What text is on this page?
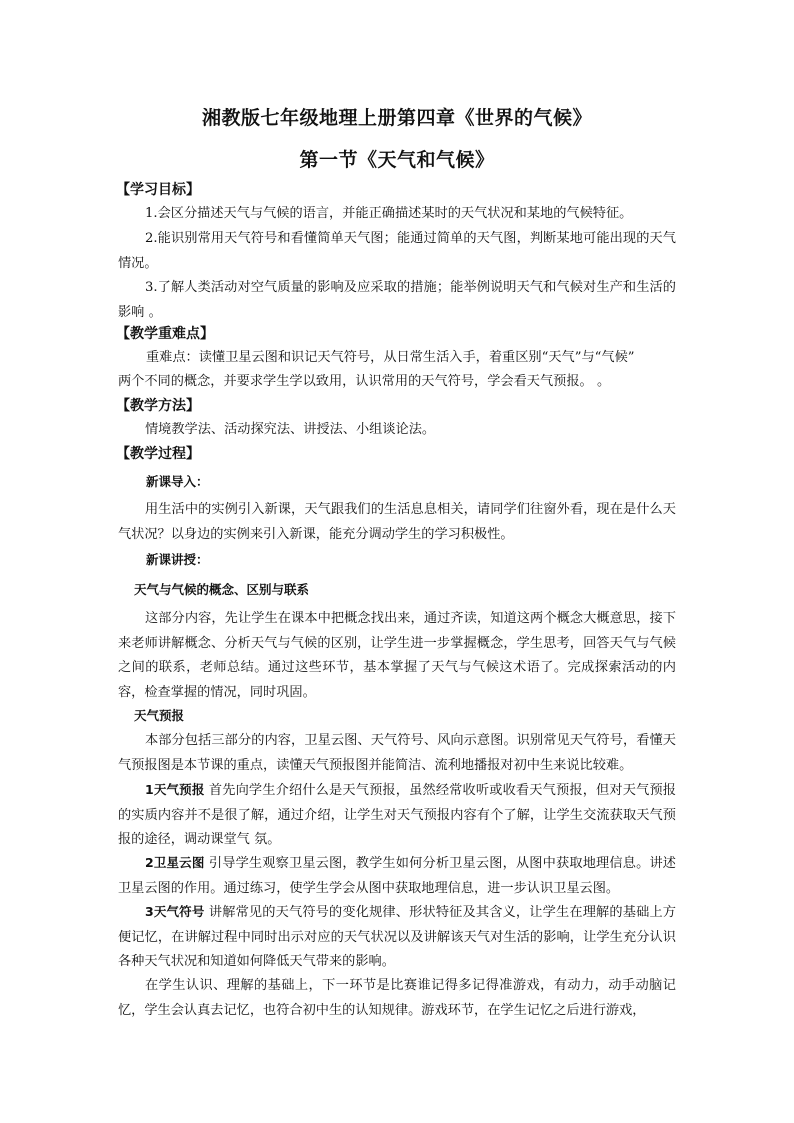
湘教版七年级地理上册第四章《世界的气候》
第一节《天气和气候》
【学习目标】
1.会区分描述天气与气候的语言，并能正确描述某时的天气状况和某地的气候特征。
2.能识别常用天气符号和看懂简单天气图；能通过简单的天气图，判断某地可能出现的天气情况。
3.了解人类活动对空气质量的影响及应采取的措施；能举例说明天气和气候对生产和生活的影响 。
【教学重难点】
重难点：读懂卫星云图和识记天气符号，从日常生活入手，着重区别“天气”与“气候”
两个不同的概念，并要求学生学以致用，认识常用的天气符号，学会看天气预报。 。
【教学方法】
情境教学法、活动探究法、讲授法、小组谈论法。
【教学过程】
新课导入：
用生活中的实例引入新课，天气跟我们的生活息息相关，请同学们往窗外看，现在是什么天气状况？以身边的实例来引入新课，能充分调动学生的学习积极性。
新课讲授：
天气与气候的概念、区别与联系
这部分内容，先让学生在课本中把概念找出来，通过齐读，知道这两个概念大概意思，接下来老师讲解概念、分析天气与气候的区别，让学生进一步掌握概念，学生思考，回答天气与气候之间的联系，老师总结。通过这些环节，基本掌握了天气与气候这术语了。完成探索活动的内容，检查掌握的情况，同时巩固。
天气预报
本部分包括三部分的内容，卫星云图、天气符号、风向示意图。识别常见天气符号，看懂天气预报图是本节课的重点，读懂天气预报图并能简洁、流利地播报对初中生来说比较难。
1天气预报 首先向学生介绍什么是天气预报，虽然经常收听或收看天气预报，但对天气预报的实质内容并不是很了解，通过介绍，让学生对天气预报内容有个了解，让学生交流获取天气预报的途径，调动课堂气 氛。
2卫星云图 引导学生观察卫星云图，教学生如何分析卫星云图，从图中获取地理信息。讲述卫星云图的作用。通过练习，使学生学会从图中获取地理信息，进一步认识卫星云图。
3天气符号 讲解常见的天气符号的变化规律、形状特征及其含义，让学生在理解的基础上方便记忆，在讲解过程中同时出示对应的天气状况以及讲解该天气对生活的影响，让学生充分认识各种天气状况和知道如何降低天气带来的影响。
在学生认识、理解的基础上，下一环节是比赛谁记得多记得准游戏，有动力，动手动脑记忆，学生会认真去记忆，也符合初中生的认知规律。游戏环节，在学生记忆之后进行游戏，
